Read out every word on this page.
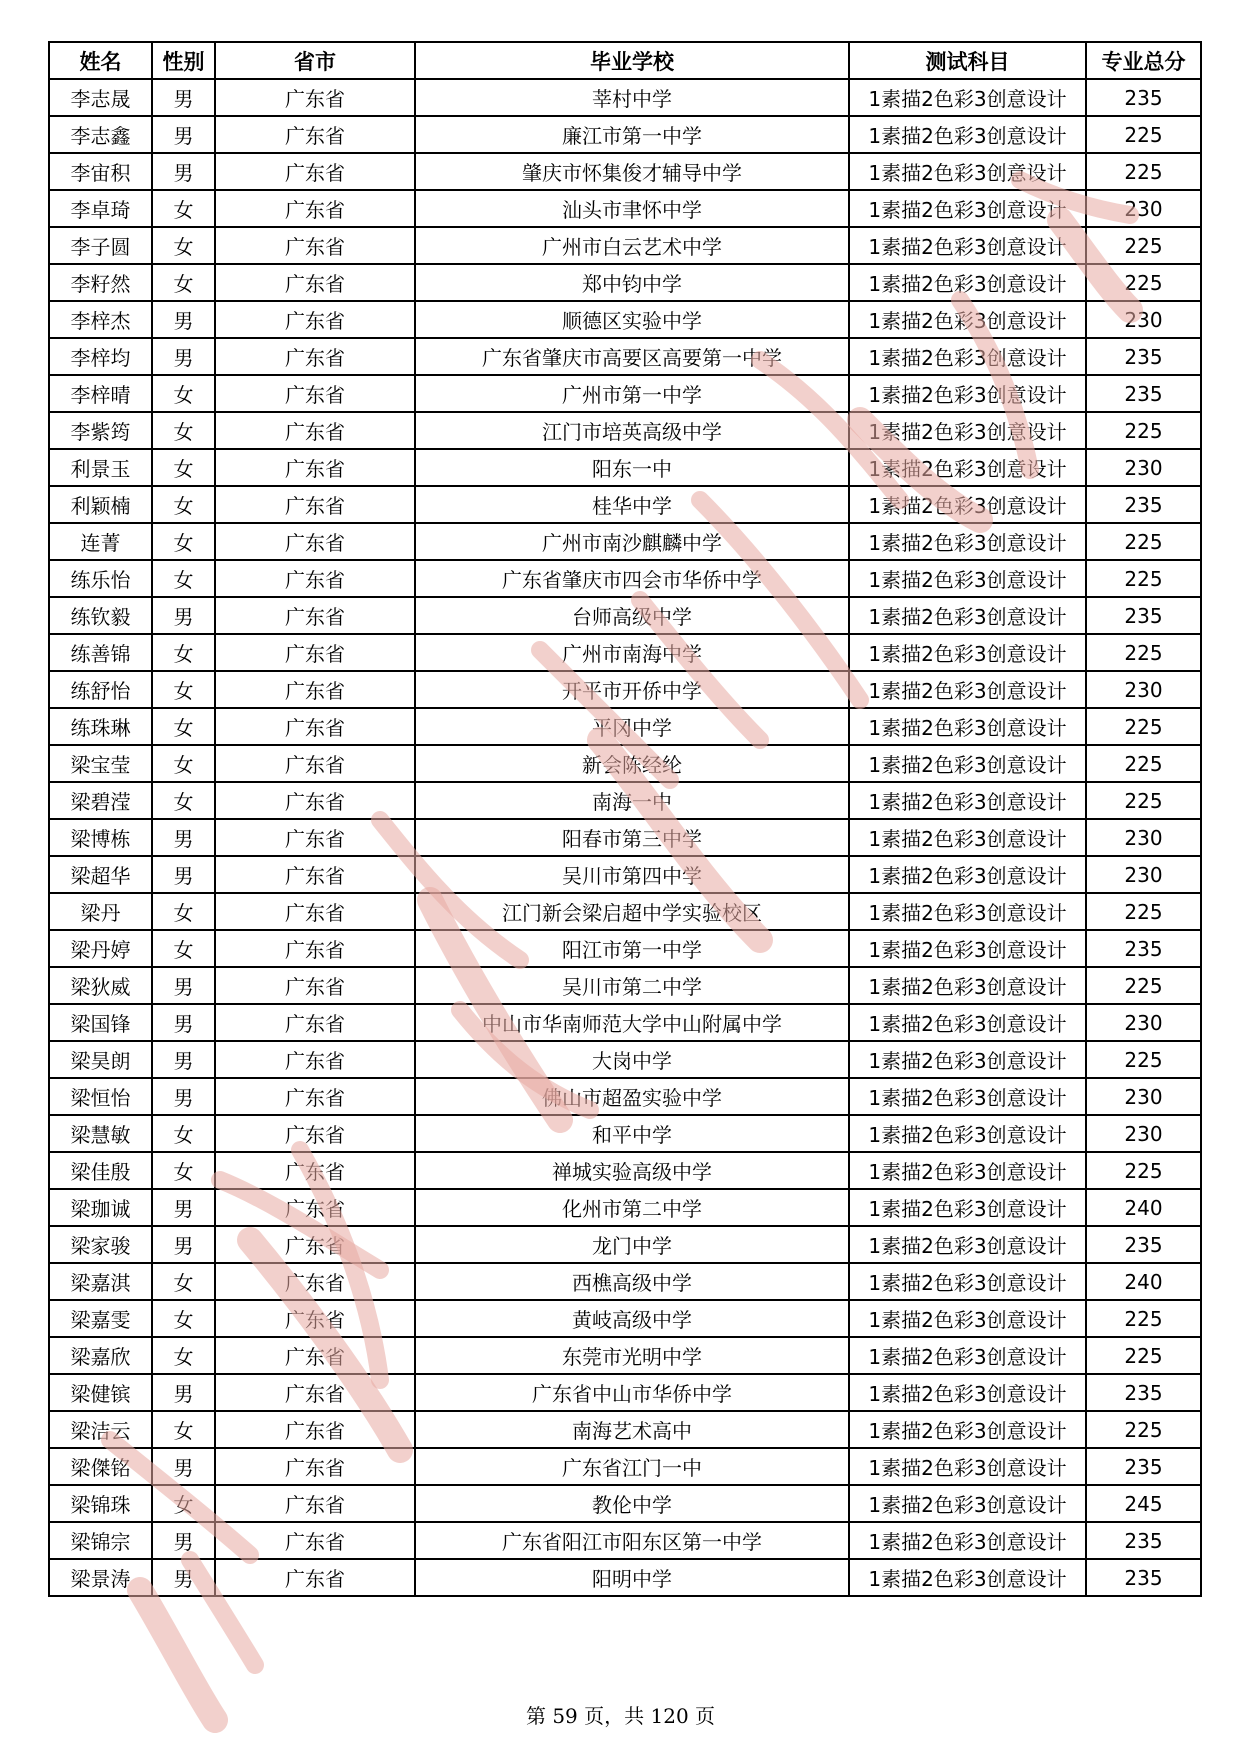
姓名	性别	省市	毕业学校	测试科目	专业总分
李志晟	男	广东省	莘村中学	1素描2色彩3创意设计	235
李志鑫	男	广东省	廉江市第一中学	1素描2色彩3创意设计	225
李宙积	男	广东省	肇庆市怀集俊才辅导中学	1素描2色彩3创意设计	225
李卓琦	女	广东省	汕头市聿怀中学	1素描2色彩3创意设计	230
李子圆	女	广东省	广州市白云艺术中学	1素描2色彩3创意设计	225
李籽然	女	广东省	郑中钧中学	1素描2色彩3创意设计	225
李梓杰	男	广东省	顺德区实验中学	1素描2色彩3创意设计	230
李梓均	男	广东省	广东省肇庆市高要区高要第一中学	1素描2色彩3创意设计	235
李梓晴	女	广东省	广州市第一中学	1素描2色彩3创意设计	235
李紫筠	女	广东省	江门市培英高级中学	1素描2色彩3创意设计	225
利景玉	女	广东省	阳东一中	1素描2色彩3创意设计	230
利颖楠	女	广东省	桂华中学	1素描2色彩3创意设计	235
连菁	女	广东省	广州市南沙麒麟中学	1素描2色彩3创意设计	225
练乐怡	女	广东省	广东省肇庆市四会市华侨中学	1素描2色彩3创意设计	225
练钦毅	男	广东省	台师高级中学	1素描2色彩3创意设计	235
练善锦	女	广东省	广州市南海中学	1素描2色彩3创意设计	225
练舒怡	女	广东省	开平市开侨中学	1素描2色彩3创意设计	230
练珠琳	女	广东省	平冈中学	1素描2色彩3创意设计	225
梁宝莹	女	广东省	新会陈经纶	1素描2色彩3创意设计	225
梁碧滢	女	广东省	南海一中	1素描2色彩3创意设计	225
梁博栋	男	广东省	阳春市第三中学	1素描2色彩3创意设计	230
梁超华	男	广东省	吴川市第四中学	1素描2色彩3创意设计	230
梁丹	女	广东省	江门新会梁启超中学实验校区	1素描2色彩3创意设计	225
梁丹婷	女	广东省	阳江市第一中学	1素描2色彩3创意设计	235
梁狄威	男	广东省	吴川市第二中学	1素描2色彩3创意设计	225
梁国锋	男	广东省	中山市华南师范大学中山附属中学	1素描2色彩3创意设计	230
梁昊朗	男	广东省	大岗中学	1素描2色彩3创意设计	225
梁恒怡	男	广东省	佛山市超盈实验中学	1素描2色彩3创意设计	230
梁慧敏	女	广东省	和平中学	1素描2色彩3创意设计	230
梁佳殷	女	广东省	禅城实验高级中学	1素描2色彩3创意设计	225
梁珈诚	男	广东省	化州市第二中学	1素描2色彩3创意设计	240
梁家骏	男	广东省	龙门中学	1素描2色彩3创意设计	235
梁嘉淇	女	广东省	西樵高级中学	1素描2色彩3创意设计	240
梁嘉雯	女	广东省	黄岐高级中学	1素描2色彩3创意设计	225
梁嘉欣	女	广东省	东莞市光明中学	1素描2色彩3创意设计	225
梁健镔	男	广东省	广东省中山市华侨中学	1素描2色彩3创意设计	235
梁洁云	女	广东省	南海艺术高中	1素描2色彩3创意设计	225
梁傑铭	男	广东省	广东省江门一中	1素描2色彩3创意设计	235
梁锦珠	女	广东省	教伦中学	1素描2色彩3创意设计	245
梁锦宗	男	广东省	广东省阳江市阳东区第一中学	1素描2色彩3创意设计	235
梁景涛	男	广东省	阳明中学	1素描2色彩3创意设计	235
第 59 页，共 120 页
